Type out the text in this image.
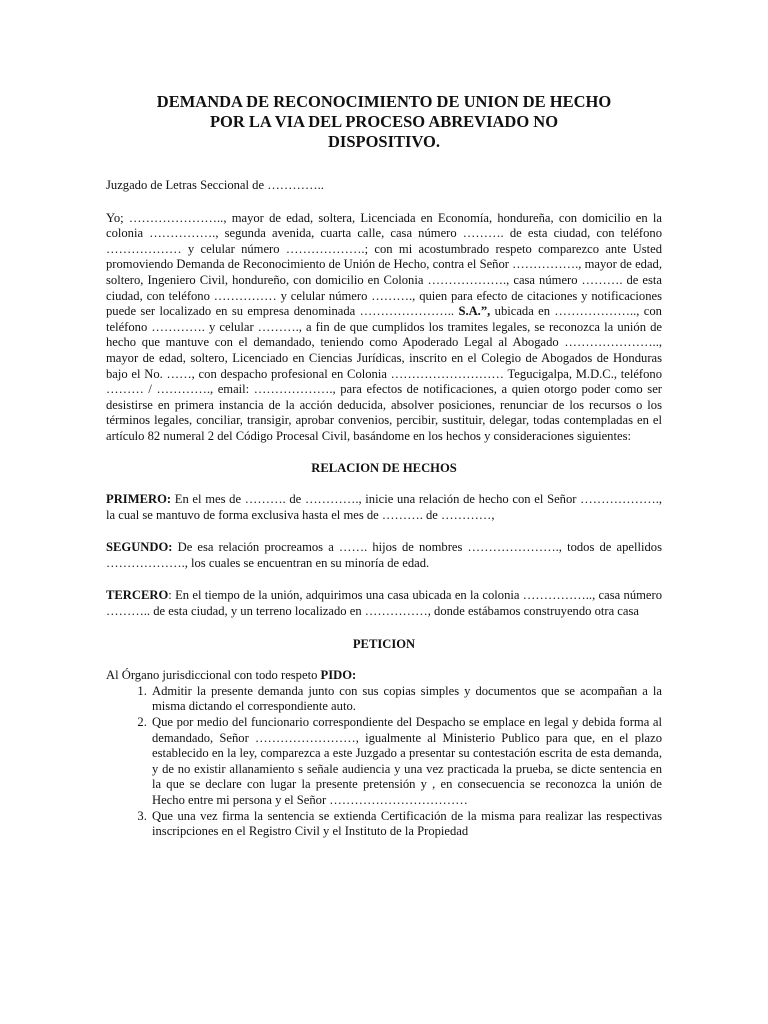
DEMANDA DE RECONOCIMIENTO DE UNION DE HECHO
POR LA VIA DEL PROCESO ABREVIADO NO
DISPOSITIVO.

Juzgado de Letras Seccional de …………..

Yo; ………………….., mayor de edad, soltera, Licenciada en Economía, hondureña, con domicilio en la colonia ……………., segunda avenida, cuarta calle, casa número ………. de esta ciudad, con teléfono ……………… y celular número ……………….; con mi acostumbrado respeto comparezco ante Usted promoviendo Demanda de Reconocimiento de Unión de Hecho, contra el Señor ……………., mayor de edad, soltero, Ingeniero Civil, hondureño, con domicilio en Colonia ………………., casa número ………. de esta ciudad, con teléfono …………… y celular número ………., quien para efecto de citaciones y notificaciones puede ser localizado en su empresa denominada ………………….. S.A.”, ubicada en ……………….., con teléfono …………. y celular ………., a fin de que cumplidos los tramites legales, se reconozca la unión de hecho que mantuve con el demandado, teniendo como Apoderado Legal al Abogado ………………….., mayor de edad, soltero, Licenciado en Ciencias Jurídicas, inscrito en el Colegio de Abogados de Honduras bajo el No. ……, con despacho profesional en Colonia ……………………… Tegucigalpa, M.D.C., teléfono ……… / …………., email: ………………., para efectos de notificaciones, a quien otorgo poder como ser desistirse en primera instancia de la acción deducida, absolver posiciones, renunciar de los recursos o los términos legales, conciliar, transigir, aprobar convenios, percibir, sustituir, delegar, todas contempladas en el artículo 82 numeral 2 del Código Procesal Civil, basándome en los hechos y consideraciones siguientes:

RELACION DE HECHOS

PRIMERO: En el mes de ………. de …………., inicie una relación de hecho con el Señor ………………., la cual se mantuvo de forma exclusiva hasta el mes de ………. de …………,

SEGUNDO: De esa relación procreamos a ……. hijos de nombres …………………., todos de apellidos ………………., los cuales se encuentran en su minoría de edad.

TERCERO: En el tiempo de la unión, adquirimos una casa ubicada en la colonia …………….., casa número ……….. de esta ciudad, y un terreno localizado en ……………, donde estábamos construyendo otra casa

PETICION

Al Órgano jurisdiccional con todo respeto PIDO:

1. Admitir la presente demanda junto con sus copias simples y documentos que se acompañan a la misma dictando el correspondiente auto.
2. Que por medio del funcionario correspondiente del Despacho se emplace en legal y debida forma al demandado, Señor ……………………, igualmente al Ministerio Publico para que, en el plazo establecido en la ley, comparezca a este Juzgado a presentar su contestación escrita de esta demanda, y de no existir allanamiento s señale audiencia y una vez practicada la prueba, se dicte sentencia en la que se declare con lugar la presente pretensión y , en consecuencia se reconozca la unión de Hecho entre mi persona y el Señor ……………………………
3. Que una vez firma la sentencia se extienda Certificación de la misma para realizar las respectivas inscripciones en el Registro Civil y el Instituto de la Propiedad
